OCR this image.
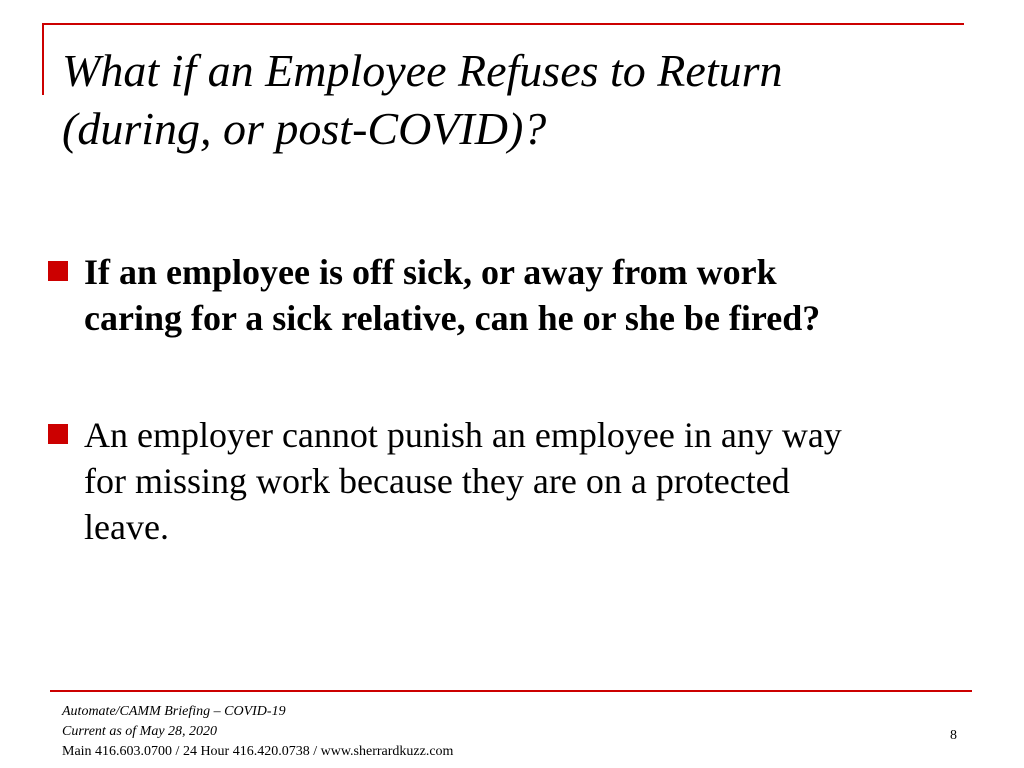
What if an Employee Refuses to Return
(during, or post-COVID)?
If an employee is off sick, or away from work
caring for a sick relative, can he or she be fired?
An employer cannot punish an employee in any way
for missing work because they are on a protected
leave.
Automate/CAMM Briefing – COVID-19
Current as of May 28, 2020
Main 416.603.0700 / 24 Hour 416.420.0738 / www.sherrardkuzz.com
8
